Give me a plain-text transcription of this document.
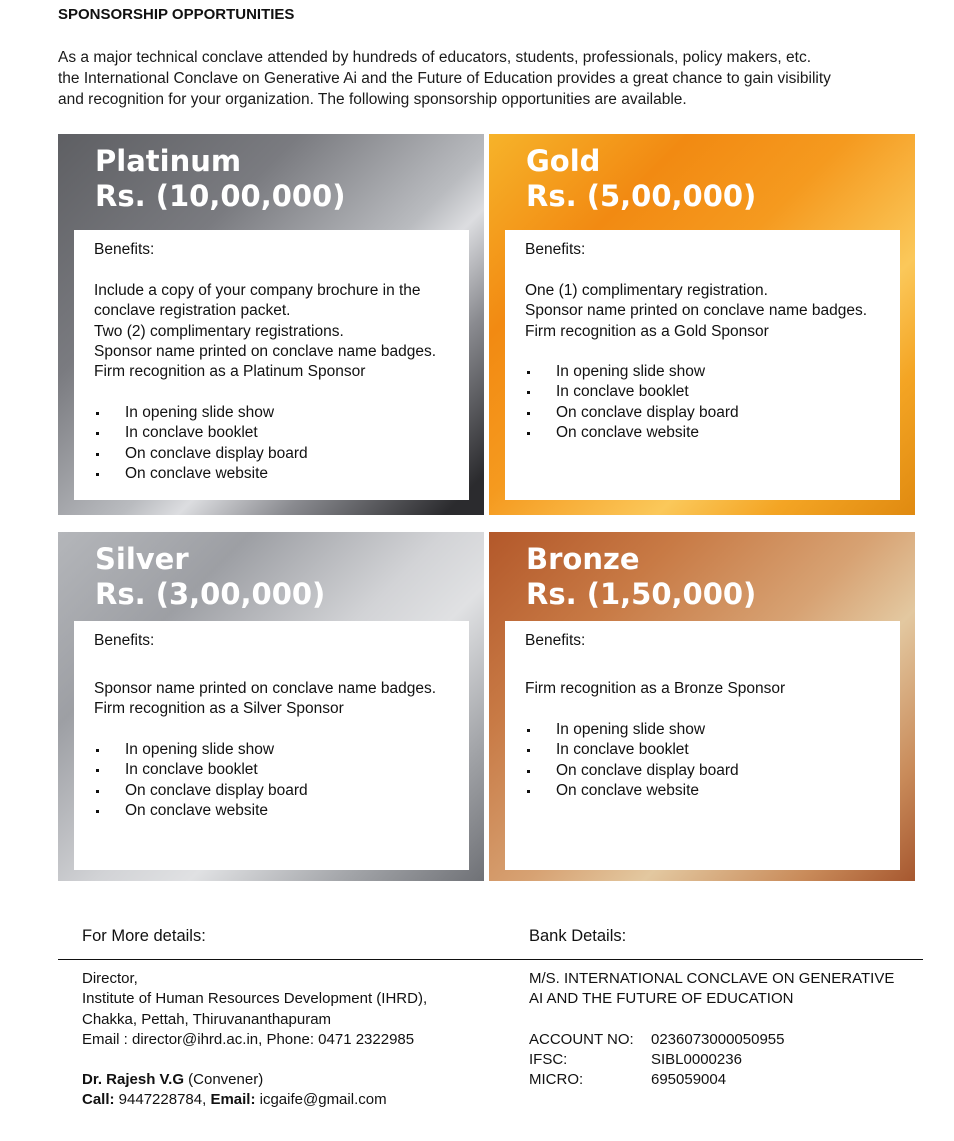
SPONSORSHIP OPPORTUNITIES
As a major technical conclave attended by hundreds of educators, students, professionals, policy makers, etc.
the International Conclave on Generative Ai and the Future of Education provides a great chance to gain visibility
and recognition for your organization. The following sponsorship opportunities are available.
Platinum
Rs. (10,00,000)
Benefits:
Include a copy of your company brochure in the
conclave registration packet.
Two (2) complimentary registrations.
Sponsor name printed on conclave name badges.
Firm recognition as a Platinum Sponsor
In opening slide show
In conclave booklet
On conclave display board
On conclave website
Gold
Rs. (5,00,000)
Benefits:
One (1) complimentary registration.
Sponsor name printed on conclave name badges.
Firm recognition as a Gold Sponsor
In opening slide show
In conclave booklet
On conclave display board
On conclave website
Silver
Rs. (3,00,000)
Benefits:
Sponsor name printed on conclave name badges.
Firm recognition as a Silver Sponsor
In opening slide show
In conclave booklet
On conclave display board
On conclave website
Bronze
Rs. (1,50,000)
Benefits:
Firm recognition as a Bronze Sponsor
In opening slide show
In conclave booklet
On conclave display board
On conclave website
For More details:	Bank Details:
Director,
Institute of Human Resources Development (IHRD),
Chakka, Pettah, Thiruvananthapuram
Email : director@ihrd.ac.in, Phone: 0471 2322985
Dr. Rajesh V.G (Convener)
Call: 9447228784, Email: icgaife@gmail.com
M/S. INTERNATIONAL CONCLAVE ON GENERATIVE
AI AND THE FUTURE OF EDUCATION
ACCOUNT NO:	0236073000050955
IFSC:	SIBL0000236
MICRO:	695059004
